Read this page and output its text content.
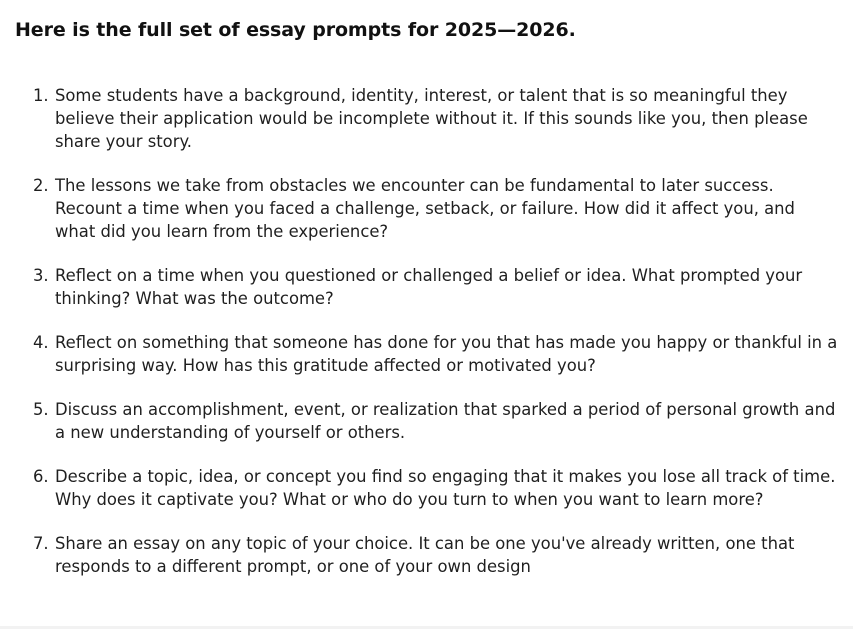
Here is the full set of essay prompts for 2025—2026.
1. Some students have a background, identity, interest, or talent that is so meaningful they believe their application would be incomplete without it. If this sounds like you, then please share your story.
2. The lessons we take from obstacles we encounter can be fundamental to later success. Recount a time when you faced a challenge, setback, or failure. How did it affect you, and what did you learn from the experience?
3. Reflect on a time when you questioned or challenged a belief or idea. What prompted your thinking? What was the outcome?
4. Reflect on something that someone has done for you that has made you happy or thankful in a surprising way. How has this gratitude affected or motivated you?
5. Discuss an accomplishment, event, or realization that sparked a period of personal growth and a new understanding of yourself or others.
6. Describe a topic, idea, or concept you find so engaging that it makes you lose all track of time. Why does it captivate you? What or who do you turn to when you want to learn more?
7. Share an essay on any topic of your choice. It can be one you've already written, one that responds to a different prompt, or one of your own design
